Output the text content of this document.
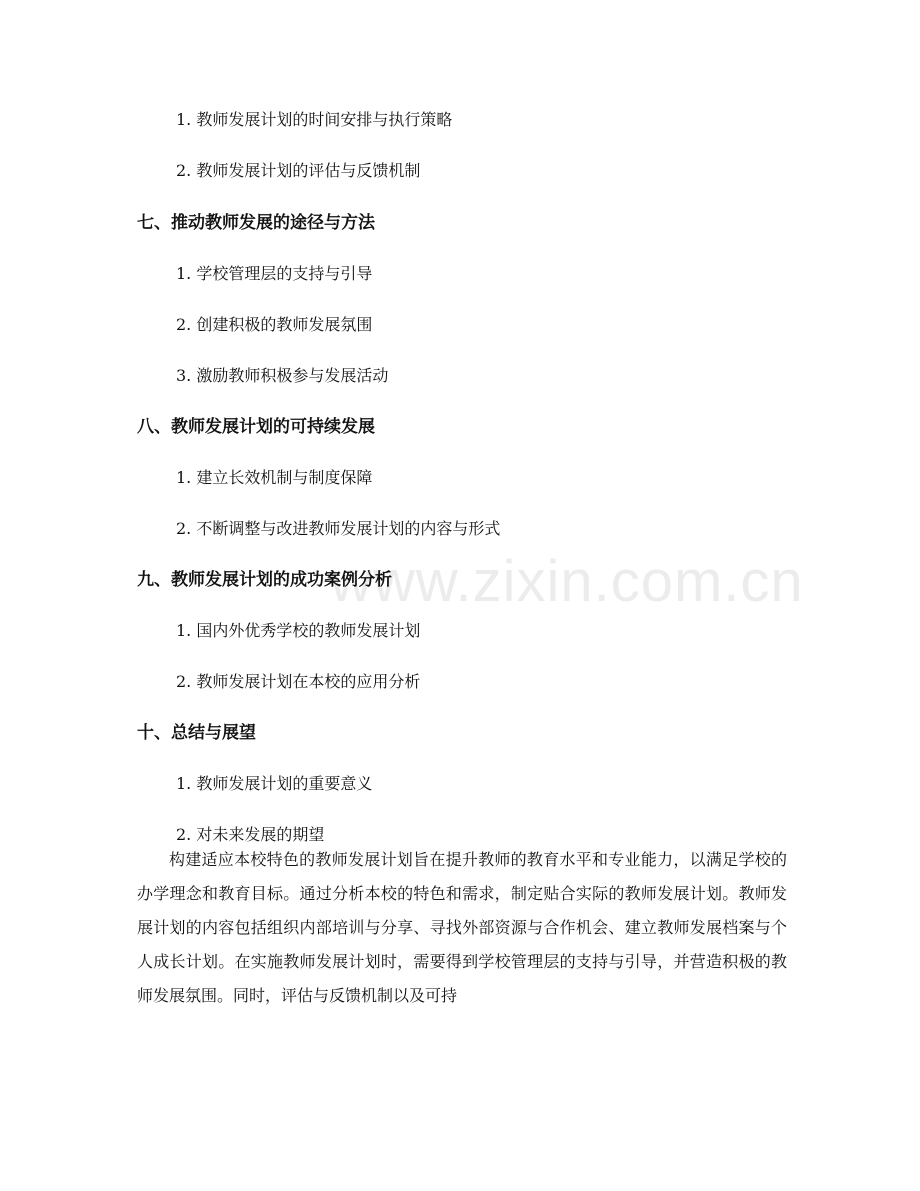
www.zixin.com.cn
1. 教师发展计划的时间安排与执行策略
2. 教师发展计划的评估与反馈机制
七、推动教师发展的途径与方法
1. 学校管理层的支持与引导
2. 创建积极的教师发展氛围
3. 激励教师积极参与发展活动
八、教师发展计划的可持续发展
1. 建立长效机制与制度保障
2. 不断调整与改进教师发展计划的内容与形式
九、教师发展计划的成功案例分析
1. 国内外优秀学校的教师发展计划
2. 教师发展计划在本校的应用分析
十、总结与展望
1. 教师发展计划的重要意义
2. 对未来发展的期望

构建适应本校特色的教师发展计划旨在提升教师的教育水平和专业能力，以满足学校的办学理念和教育目标。通过分析本校的特色和需求，制定贴合实际的教师发展计划。教师发展计划的内容包括组织内部培训与分享、寻找外部资源与合作机会、建立教师发展档案与个人成长计划。在实施教师发展计划时，需要得到学校管理层的支持与引导，并营造积极的教师发展氛围。同时，评估与反馈机制以及可持
